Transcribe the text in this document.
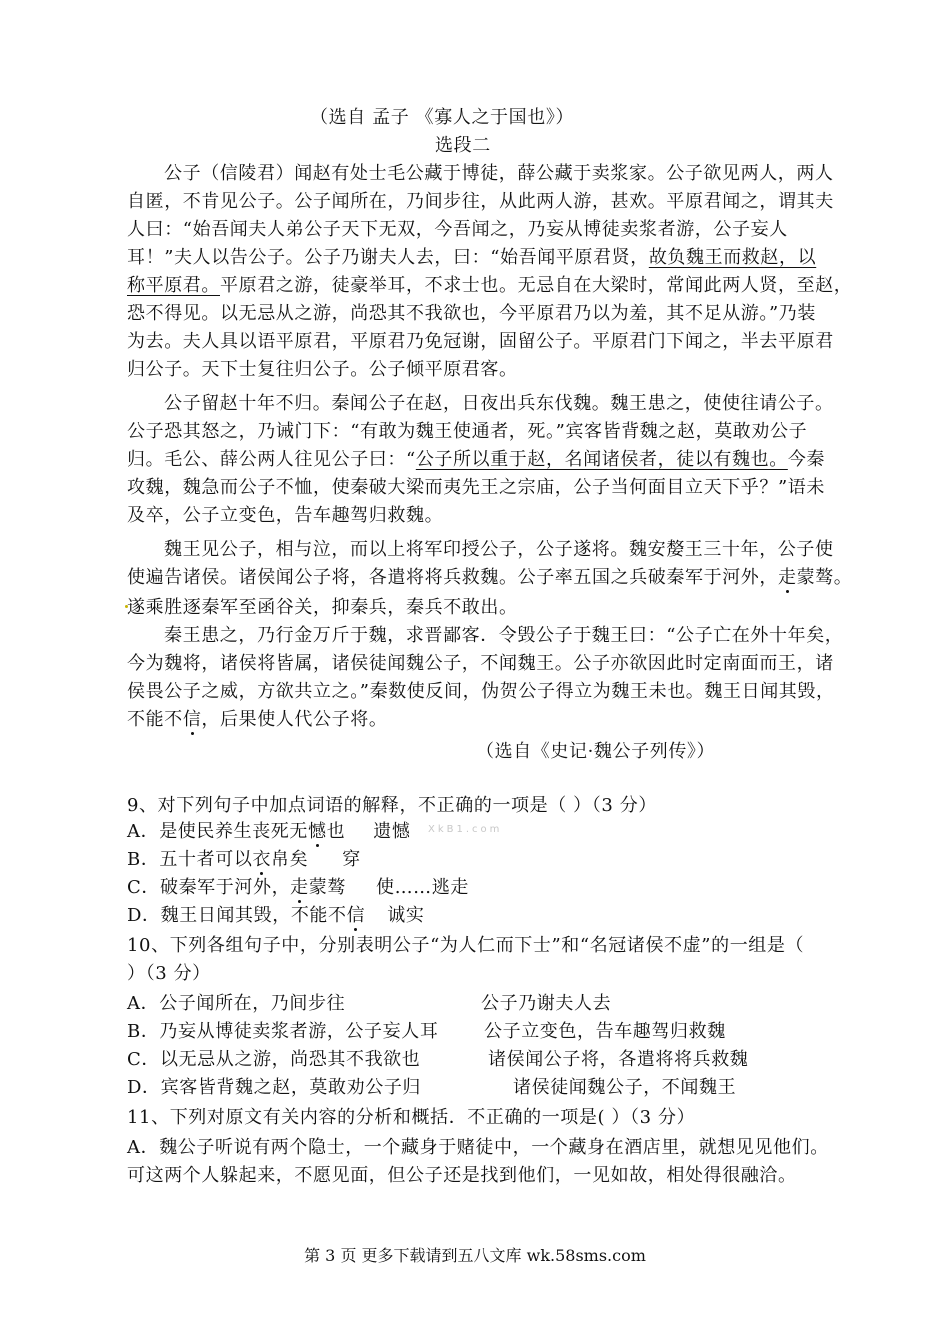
（选自 孟子 《寡人之于国也》）
选段二
公子（信陵君）闻赵有处士毛公藏于博徒，薛公藏于卖浆家。公子欲见两人，两人
自匿，不肯见公子。公子闻所在，乃间步往，从此两人游，甚欢。平原君闻之，谓其夫
人曰：“始吾闻夫人弟公子天下无双，今吾闻之，乃妄从博徒卖浆者游，公子妄人
耳！”夫人以告公子。公子乃谢夫人去，曰：“始吾闻平原君贤，故负魏王而救赵，以
称平原君。平原君之游，徒豪举耳，不求士也。无忌自在大梁时，常闻此两人贤，至赵，
恐不得见。以无忌从之游，尚恐其不我欲也，今平原君乃以为羞，其不足从游。”乃装
为去。夫人具以语平原君，平原君乃免冠谢，固留公子。平原君门下闻之，半去平原君
归公子。天下士复往归公子。公子倾平原君客。
公子留赵十年不归。秦闻公子在赵，日夜出兵东伐魏。魏王患之，使使往请公子。
公子恐其怒之，乃诫门下：“有敢为魏王使通者，死。”宾客皆背魏之赵，莫敢劝公子
归。毛公、薛公两人往见公子曰：“公子所以重于赵，名闻诸侯者，徒以有魏也。今秦
攻魏，魏急而公子不恤，使秦破大梁而夷先王之宗庙，公子当何面目立天下乎？”语未
及卒，公子立变色，告车趣驾归救魏。
魏王见公子，相与泣，而以上将军印授公子，公子遂将。魏安嫠王三十年，公子使
使遍告诸侯。诸侯闻公子将，各遣将将兵救魏。公子率五国之兵破秦军于河外，走蒙骜。
遂乘胜逐秦军至函谷关，抑秦兵，秦兵不敢出。
秦王患之，乃行金万斤于魏，求晋鄙客．令毁公子于魏王曰：“公子亡在外十年矣，
今为魏将，诸侯将皆属，诸侯徒闻魏公子，不闻魏王。公子亦欲因此时定南面而王，诸
侯畏公子之威，方欲共立之。”秦数使反间，伪贺公子得立为魏王未也。魏王日闻其毁，
不能不信，后果使人代公子将。
（选自《史记·魏公子列传》）
9、对下列句子中加点词语的解释，不正确的一项是（ ）（3 分）
A．是使民养生丧死无憾也 遗憾 XkB1.com
B．五十者可以衣帛矣 穿
C．破秦军于河外，走蒙骜 使……逃走
D．魏王日闻其毁，不能不信 诚实
10、下列各组句子中，分别表明公子“为人仁而下士”和“名冠诸侯不虚”的一组是（
）（3 分）
A．公子闻所在，乃间步往	公子乃谢夫人去
B．乃妄从博徒卖浆者游，公子妄人耳	公子立变色，告车趣驾归救魏
C．以无忌从之游，尚恐其不我欲也	诸侯闻公子将，各遣将将兵救魏
D．宾客皆背魏之赵，莫敢劝公子归	诸侯徒闻魏公子，不闻魏王
11、下列对原文有关内容的分析和概括．不正确的一项是( ）（3 分）
A．魏公子听说有两个隐士，一个藏身于赌徒中，一个藏身在酒店里，就想见见他们。
可这两个人躲起来，不愿见面，但公子还是找到他们，一见如故，相处得很融洽。
第 3 页 更多下载请到五八文库 wk.58sms.com
